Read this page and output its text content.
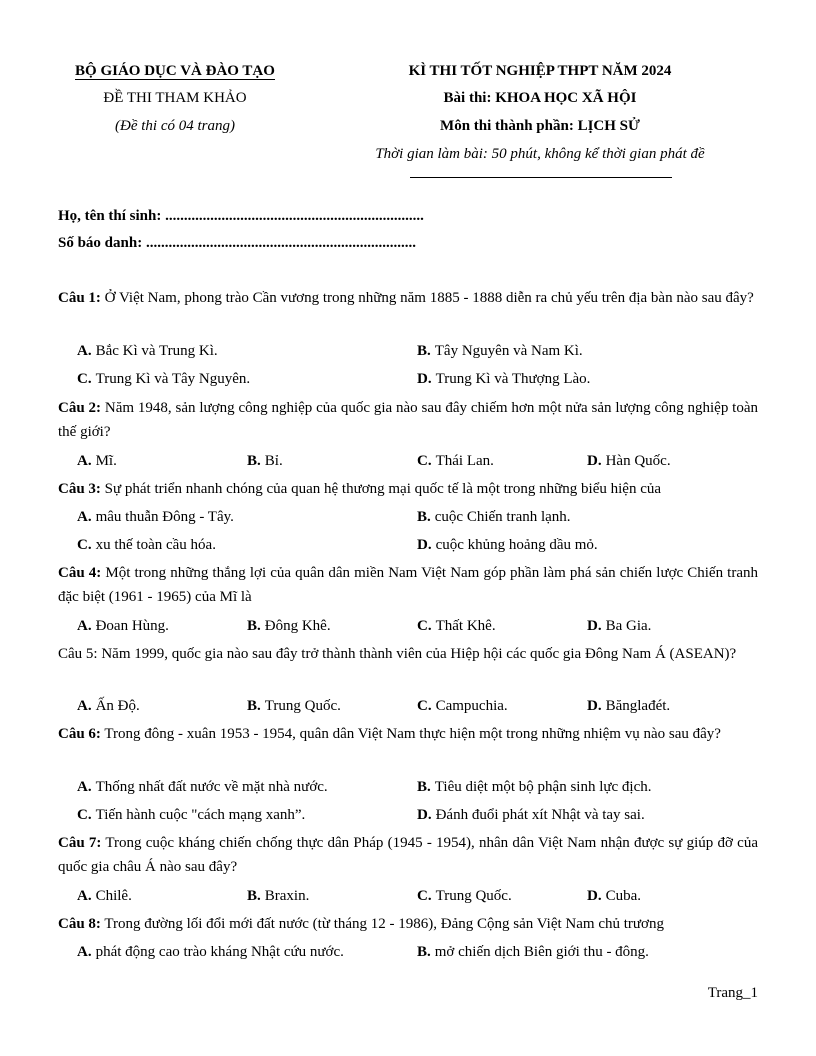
BỘ GIÁO DỤC VÀ ĐÀO TẠO
ĐỀ THI THAM KHẢO
(Đề thi có 04 trang)
KÌ THI TỐT NGHIỆP THPT NĂM 2024
Bài thi: KHOA HỌC XÃ HỘI
Môn thi thành phần: LỊCH SỬ
Thời gian làm bài: 50 phút, không kể thời gian phát đề
Họ, tên thí sinh: .....................................................................
Số báo danh: ........................................................................
Câu 1: Ở Việt Nam, phong trào Cần vương trong những năm 1885 - 1888 diễn ra chủ yếu trên địa bàn nào sau đây?
A. Bắc Kì và Trung Kì.	B. Tây Nguyên và Nam Kì.
C. Trung Kì và Tây Nguyên.	D. Trung Kì và Thượng Lào.
Câu 2: Năm 1948, sản lượng công nghiệp của quốc gia nào sau đây chiếm hơn một nửa sản lượng công nghiệp toàn thế giới?
A. Mĩ.	B. Bỉ.	C. Thái Lan.	D. Hàn Quốc.
Câu 3: Sự phát triển nhanh chóng của quan hệ thương mại quốc tế là một trong những biểu hiện của
A. mâu thuẫn Đông - Tây.	B. cuộc Chiến tranh lạnh.
C. xu thế toàn cầu hóa.	D. cuộc khủng hoảng dầu mỏ.
Câu 4: Một trong những thắng lợi của quân dân miền Nam Việt Nam góp phần làm phá sản chiến lược Chiến tranh đặc biệt (1961 - 1965) của Mĩ là
A. Đoan Hùng.	B. Đông Khê.	C. Thất Khê.	D. Ba Gia.
Câu 5: Năm 1999, quốc gia nào sau đây trở thành thành viên của Hiệp hội các quốc gia Đông Nam Á (ASEAN)?
A. Ấn Độ.	B. Trung Quốc.	C. Campuchia.	D. Bănglađét.
Câu 6: Trong đông - xuân 1953 - 1954, quân dân Việt Nam thực hiện một trong những nhiệm vụ nào sau đây?
A. Thống nhất đất nước về mặt nhà nước.	B. Tiêu diệt một bộ phận sinh lực địch.
C. Tiến hành cuộc "cách mạng xanh”.	D. Đánh đuổi phát xít Nhật và tay sai.
Câu 7: Trong cuộc kháng chiến chống thực dân Pháp (1945 - 1954), nhân dân Việt Nam nhận được sự giúp đỡ của quốc gia châu Á nào sau đây?
A. Chilê.	B. Braxin.	C. Trung Quốc.	D. Cuba.
Câu 8: Trong đường lối đổi mới đất nước (từ tháng 12 - 1986), Đảng Cộng sản Việt Nam chủ trương
A. phát động cao trào kháng Nhật cứu nước.	B. mở chiến dịch Biên giới thu - đông.
Trang_1
